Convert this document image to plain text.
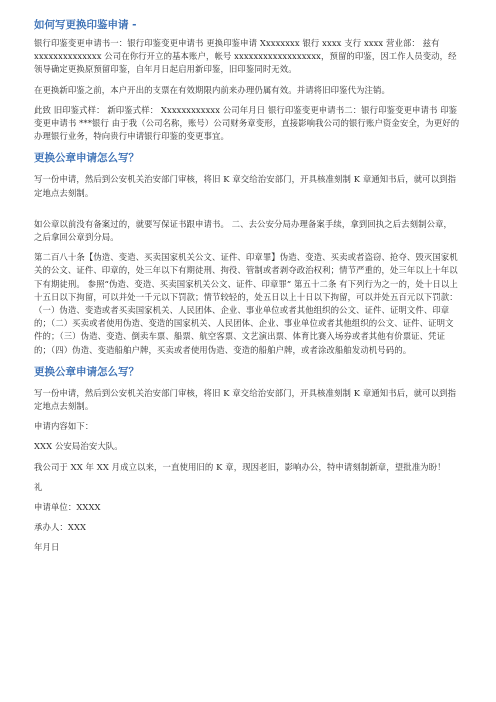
如何写更换印鉴申请 -

银行印鉴变更申请书一：银行印鉴变更申请书 更换印鉴申请 Xxxxxxxx 银行 xxxx 支行 xxxx 营业部： 兹有 xxxxxxxxxxxxxx 公司在你行开立的基本账户，帐号 xxxxxxxxxxxxxxxxxx，预留的印鉴，因工作人员变动，经领导确定更换原预留印鉴，自年月日起启用新印鉴，旧印鉴同时无效。

在更换新印鉴之前，本户开出的支票在有效期限内前来办理仍属有效。并请将旧印鉴代为注销。

此致 旧印鉴式样： 新印鉴式样： Xxxxxxxxxxxx 公司年月日 银行印鉴变更申请书二：银行印鉴变更申请书 印鉴变更申请书 ***银行 由于我（公司名称，账号）公司财务章变形，直接影响我公司的银行账户资金安全，为更好的办理银行业务，特向贵行申请银行印鉴的变更事宜。

更换公章申请怎么写？

写一份申请，然后到公安机关治安部门审核，将旧 K 章交给治安部门，开具核准刻制 K 章通知书后，就可以到指定地点去刻制。

如公章以前没有备案过的，就要写保证书跟申请书。 二、去公安分局办理备案手续，拿到回执之后去刻制公章，之后拿回公章到分局。

第二百八十条【伪造、变造、买卖国家机关公文、证件、印章罪】伪造、变造、买卖或者盗窃、抢夺、毁灭国家机关的公文、证件、印章的，处三年以下有期徒刑、拘役、管制或者剥夺政治权利；情节严重的，处三年以上十年以下有期徒刑。 参照“伪造、变造、买卖国家机关公文、证件、印章罪” 第五十二条 有下列行为之一的，处十日以上十五日以下拘留，可以并处一千元以下罚款；情节较轻的，处五日以上十日以下拘留，可以并处五百元以下罚款： （一）伪造、变造或者买卖国家机关、人民团体、企业、事业单位或者其他组织的公文、证件、证明文件、印章的；（二）买卖或者使用伪造、变造的国家机关、人民团体、企业、事业单位或者其他组织的公文、证件、证明文件的；（三）伪造、变造、倒卖车票、船票、航空客票、文艺演出票、体育比赛入场券或者其他有价票证、凭证的；（四）伪造、变造船舶户牌，买卖或者使用伪造、变造的船舶户牌，或者涂改船舶发动机号码的。

更换公章申请怎么写？

写一份申请，然后到公安机关治安部门审核，将旧 K 章交给治安部门，开具核准刻制 K 章通知书后，就可以到指定地点去刻制。

申请内容如下：

XXX 公安局治安大队。

我公司于 XX 年 XX 月成立以来，一直使用旧的 K 章，现因老旧，影响办公，特申请刻制新章，望批准为盼！

礼

申请单位：XXXX

承办人：XXX

年月日
